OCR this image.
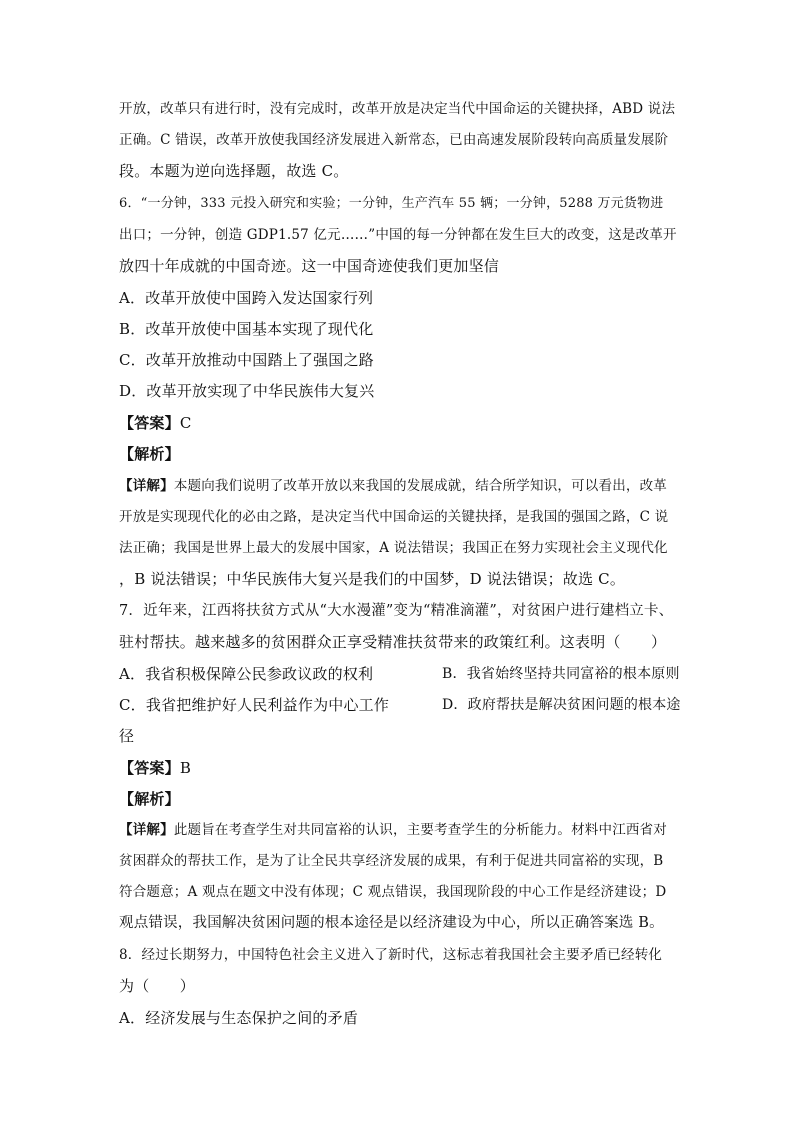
开放，改革只有进行时，没有完成时，改革开放是决定当代中国命运的关键抉择，ABD 说法
正确。C 错误，改革开放使我国经济发展进入新常态，已由高速发展阶段转向高质量发展阶
段。本题为逆向选择题，故选 C。
6．“一分钟，333 元投入研究和实验；一分钟，生产汽车 55 辆；一分钟，5288 万元货物进
出口；一分钟，创造 GDP1.57 亿元……”中国的每一分钟都在发生巨大的改变，这是改革开
放四十年成就的中国奇迹。这一中国奇迹使我们更加坚信
A．改革开放使中国跨入发达国家行列
B．改革开放使中国基本实现了现代化
C．改革开放推动中国踏上了强国之路
D．改革开放实现了中华民族伟大复兴
【答案】C
【解析】
【详解】本题向我们说明了改革开放以来我国的发展成就，结合所学知识，可以看出，改革
开放是实现现代化的必由之路，是决定当代中国命运的关键抉择，是我国的强国之路，C 说
法正确；我国是世界上最大的发展中国家，A 说法错误；我国正在努力实现社会主义现代化
，B 说法错误；中华民族伟大复兴是我们的中国梦，D 说法错误；故选 C。
7．近年来，江西将扶贫方式从“大水漫灌”变为“精准滴灌”，对贫困户进行建档立卡、
驻村帮扶。越来越多的贫困群众正享受精准扶贫带来的政策红利。这表明（　　）
A．我省积极保障公民参政议政的权利	B．我省始终坚持共同富裕的根本原则
C．我省把维护好人民利益作为中心工作	D．政府帮扶是解决贫困问题的根本途
径
【答案】B
【解析】
【详解】此题旨在考查学生对共同富裕的认识，主要考查学生的分析能力。材料中江西省对
贫困群众的帮扶工作，是为了让全民共享经济发展的成果，有利于促进共同富裕的实现，B
符合题意；A 观点在题文中没有体现；C 观点错误，我国现阶段的中心工作是经济建设；D
观点错误，我国解决贫困问题的根本途径是以经济建设为中心，所以正确答案选 B。
8．经过长期努力，中国特色社会主义进入了新时代，这标志着我国社会主要矛盾已经转化
为（　　）
A．经济发展与生态保护之间的矛盾
